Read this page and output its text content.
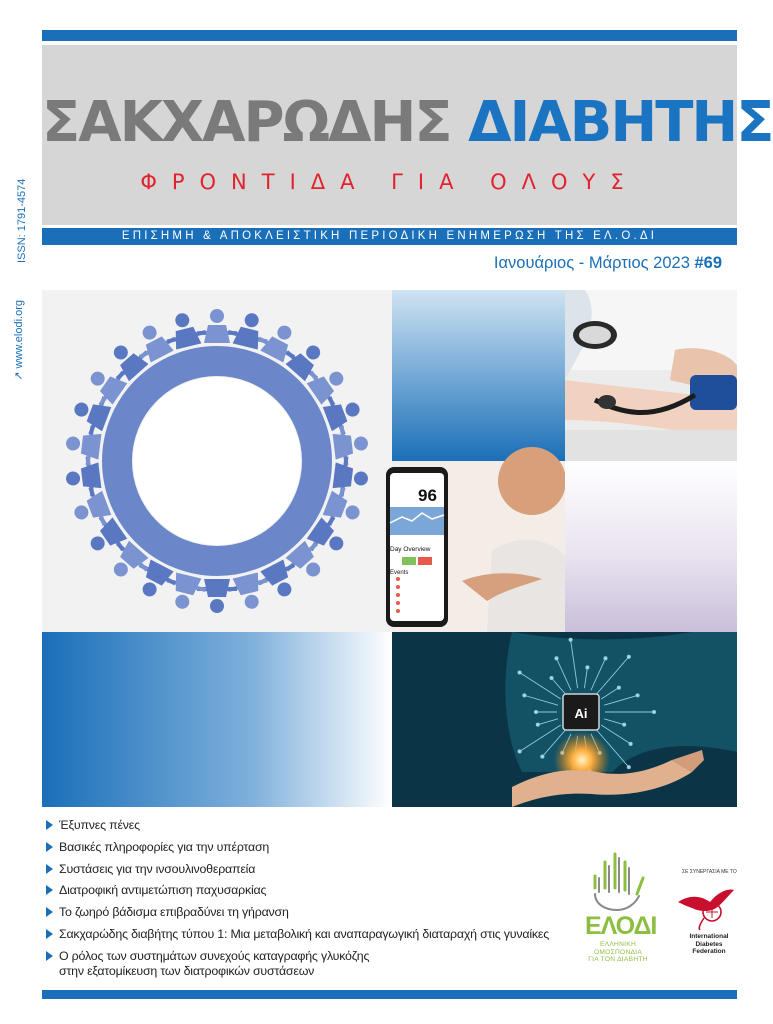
ΣΑΚΧΑΡΩΔΗΣ ΔΙΑΒΗΤΗΣ
ΦΡΟΝΤΙΔΑ ΓΙΑ ΟΛΟΥΣ
ΕΠΙΣΗΜΗ & ΑΠΟΚΛΕΙΣΤΙΚΗ ΠΕΡΙΟΔΙΚΗ ΕΝΗΜΕΡΩΣΗ ΤΗΣ ΕΛ.Ο.ΔΙ
ISSN: 1791-4574
↗ www.elodi.org
Ιανουάριος - Μάρτιος 2023 #69
96
Day Overview
Events
Ai
Έξυπνες πένες
Βασικές πληροφορίες για την υπέρταση
Συστάσεις για την ινσουλινοθεραπεία
Διατροφική αντιμετώπιση παχυσαρκίας
Το ζωηρό βάδισμα επιβραδύνει τη γήρανση
Σακχαρώδης διαβήτης τύπου 1: Μια μεταβολική και αναπαραγωγική διαταραχή στις γυναίκες
Ο ρόλος των συστημάτων συνεχούς καταγραφής γλυκόζης
στην εξατομίκευση των διατροφικών συστάσεων
ΕΛΟΔΙ
ΕΛΛΗΝΙΚΗ
ΟΜΟΣΠΟΝΔΙΑ
ΓΙΑ ΤΟΝ ΔΙΑΒΗΤΗ
ΣΕ ΣΥΝΕΡΓΑΣΙΑ ΜΕ ΤΟ
International
Diabetes
Federation
